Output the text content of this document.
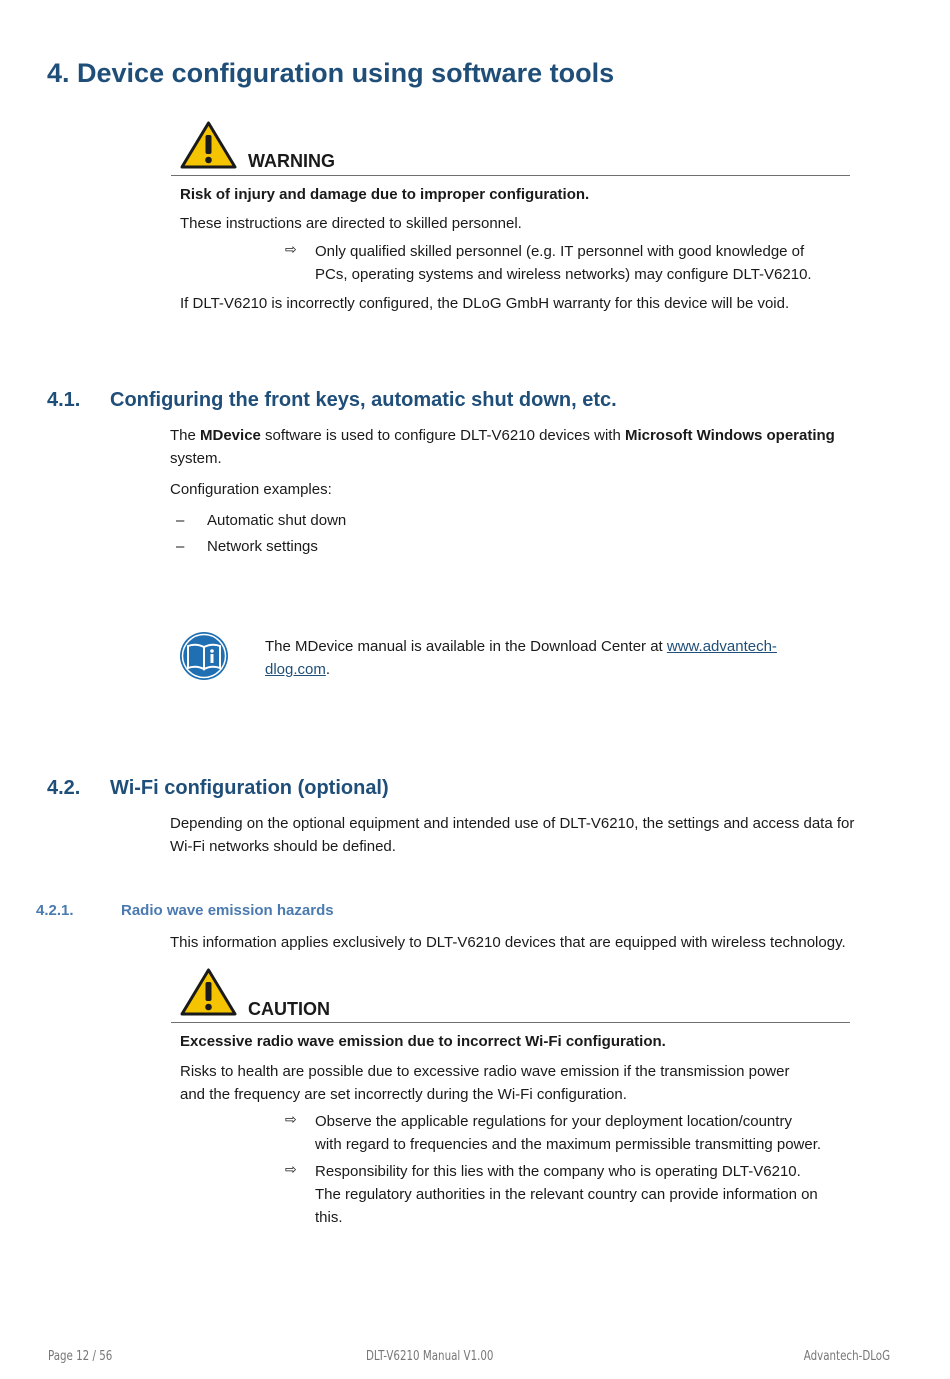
4. Device configuration using software tools
WARNING
Risk of injury and damage due to improper configuration.
These instructions are directed to skilled personnel.
⇨ Only qualified skilled personnel (e.g. IT personnel with good knowledge of
PCs, operating systems and wireless networks) may configure DLT-V6210.
If DLT-V6210 is incorrectly configured, the DLoG GmbH warranty for this device will be void.
4.1. Configuring the front keys, automatic shut down, etc.
The MDevice software is used to configure DLT-V6210 devices with Microsoft Windows operating
system.
Configuration examples:
– Automatic shut down
– Network settings
The MDevice manual is available in the Download Center at www.advantech-
dlog.com.
4.2. Wi-Fi configuration (optional)
Depending on the optional equipment and intended use of DLT-V6210, the settings and access data for
Wi-Fi networks should be defined.
4.2.1.	Radio wave emission hazards
This information applies exclusively to DLT-V6210 devices that are equipped with wireless technology.
CAUTION
Excessive radio wave emission due to incorrect Wi-Fi configuration.
Risks to health are possible due to excessive radio wave emission if the transmission power
and the frequency are set incorrectly during the Wi-Fi configuration.
⇨ Observe the applicable regulations for your deployment location/country
with regard to frequencies and the maximum permissible transmitting power.
⇨ Responsibility for this lies with the company who is operating DLT-V6210.
The regulatory authorities in the relevant country can provide information on
this.
Page 12 / 56	DLT-V6210 Manual V1.00	Advantech-DLoG
